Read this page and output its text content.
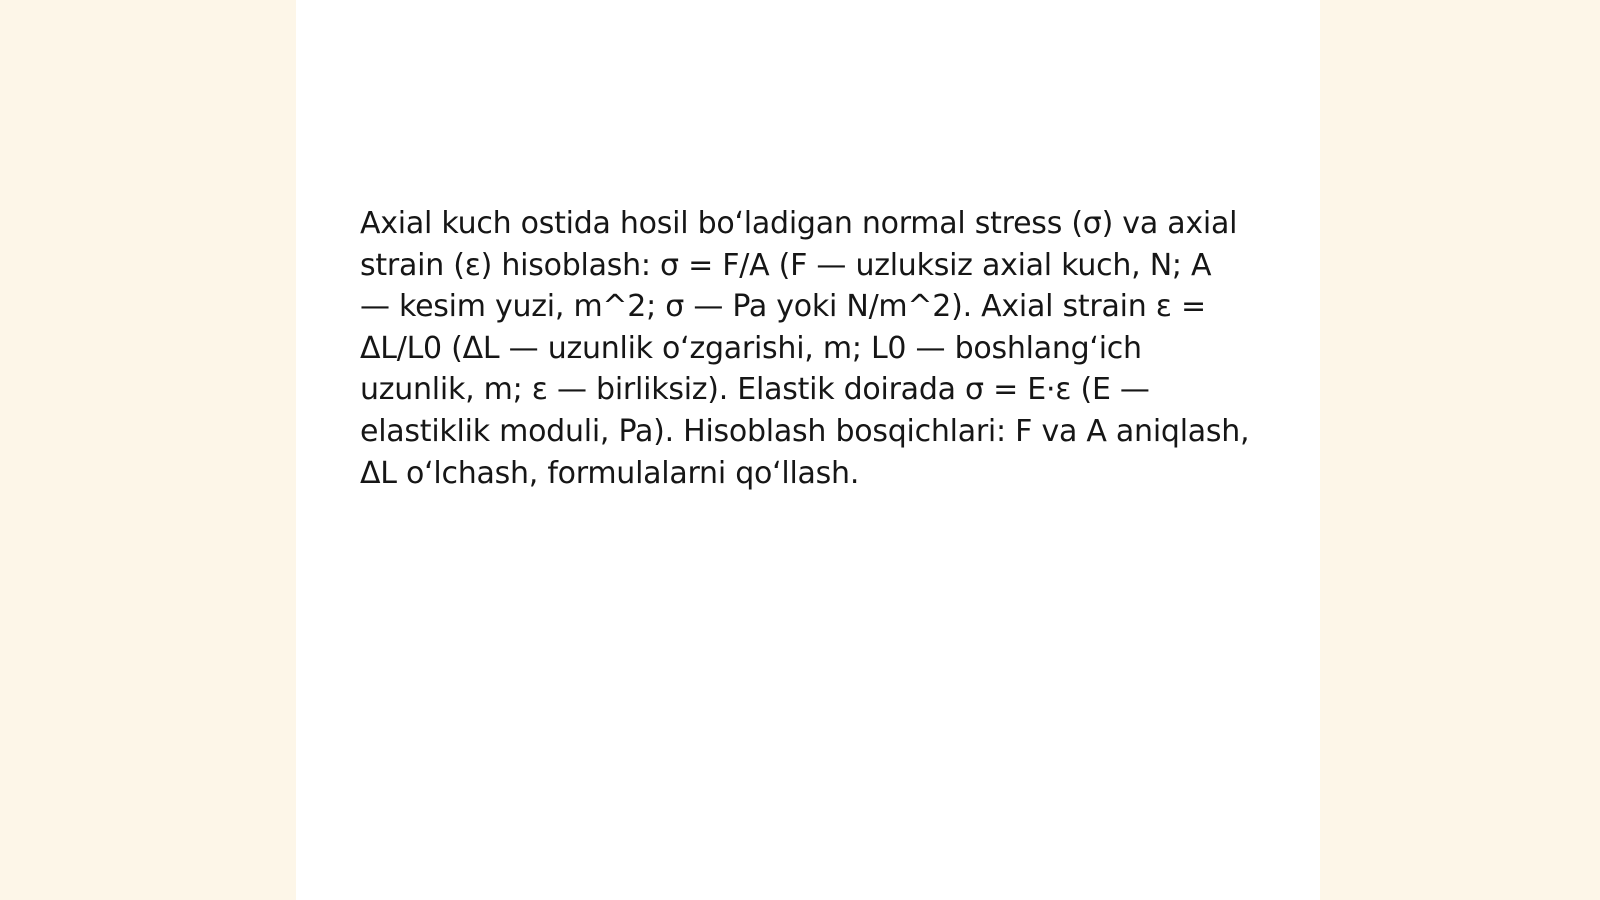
Axial kuch ostida hosil boʻladigan normal stress (σ) va axial strain (ε) hisoblash: σ = F/A (F — uzluksiz axial kuch, N; A — kesim yuzi, m^2; σ — Pa yoki N/m^2). Axial strain ε = ΔL/L0 (ΔL — uzunlik oʻzgarishi, m; L0 — boshlangʻich uzunlik, m; ε — birliksiz). Elastik doirada σ = E·ε (E — elastiklik moduli, Pa). Hisoblash bosqichlari: F va A aniqlash, ΔL oʻlchash, formulalarni qoʻllash.
